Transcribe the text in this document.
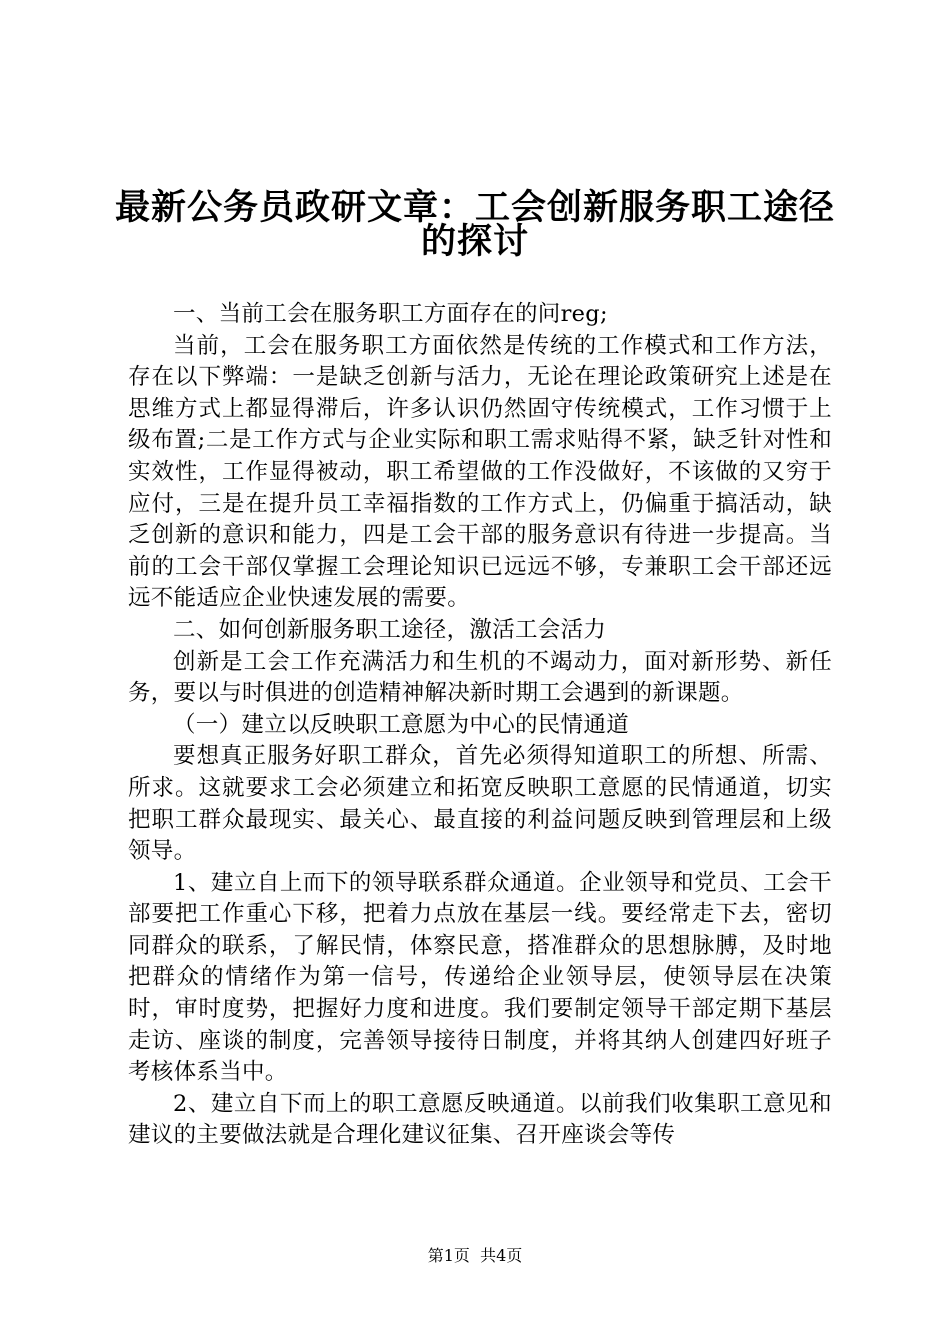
最新公务员政研文章：工会创新服务职工途径
的探讨

一、当前工会在服务职工方面存在的问reg;

当前，工会在服务职工方面依然是传统的工作模式和工作方法，存在以下弊端：一是缺乏创新与活力，无论在理论政策研究上述是在思维方式上都显得滞后，许多认识仍然固守传统模式，工作习惯于上级布置;二是工作方式与企业实际和职工需求贴得不紧，缺乏针对性和实效性，工作显得被动，职工希望做的工作没做好，不该做的又穷于应付，三是在提升员工幸福指数的工作方式上，仍偏重于搞活动，缺乏创新的意识和能力，四是工会干部的服务意识有待进一步提高。当前的工会干部仅掌握工会理论知识已远远不够，专兼职工会干部还远远不能适应企业快速发展的需要。

二、如何创新服务职工途径，激活工会活力

创新是工会工作充满活力和生机的不竭动力，面对新形势、新任务，要以与时俱进的创造精神解决新时期工会遇到的新课题。

（一）建立以反映职工意愿为中心的民情通道

要想真正服务好职工群众，首先必须得知道职工的所想、所需、所求。这就要求工会必须建立和拓宽反映职工意愿的民情通道，切实把职工群众最现实、最关心、最直接的利益问题反映到管理层和上级领导。

1、建立自上而下的领导联系群众通道。企业领导和党员、工会干部要把工作重心下移，把着力点放在基层一线。要经常走下去，密切同群众的联系，了解民情，体察民意，搭准群众的思想脉膊，及时地把群众的情绪作为第一信号，传递给企业领导层，使领导层在决策时，审时度势，把握好力度和进度。我们要制定领导干部定期下基层走访、座谈的制度，完善领导接待日制度，并将其纳人创建四好班子考核体系当中。

2、建立自下而上的职工意愿反映通道。以前我们收集职工意见和建议的主要做法就是合理化建议征集、召开座谈会等传

第1页  共4页
